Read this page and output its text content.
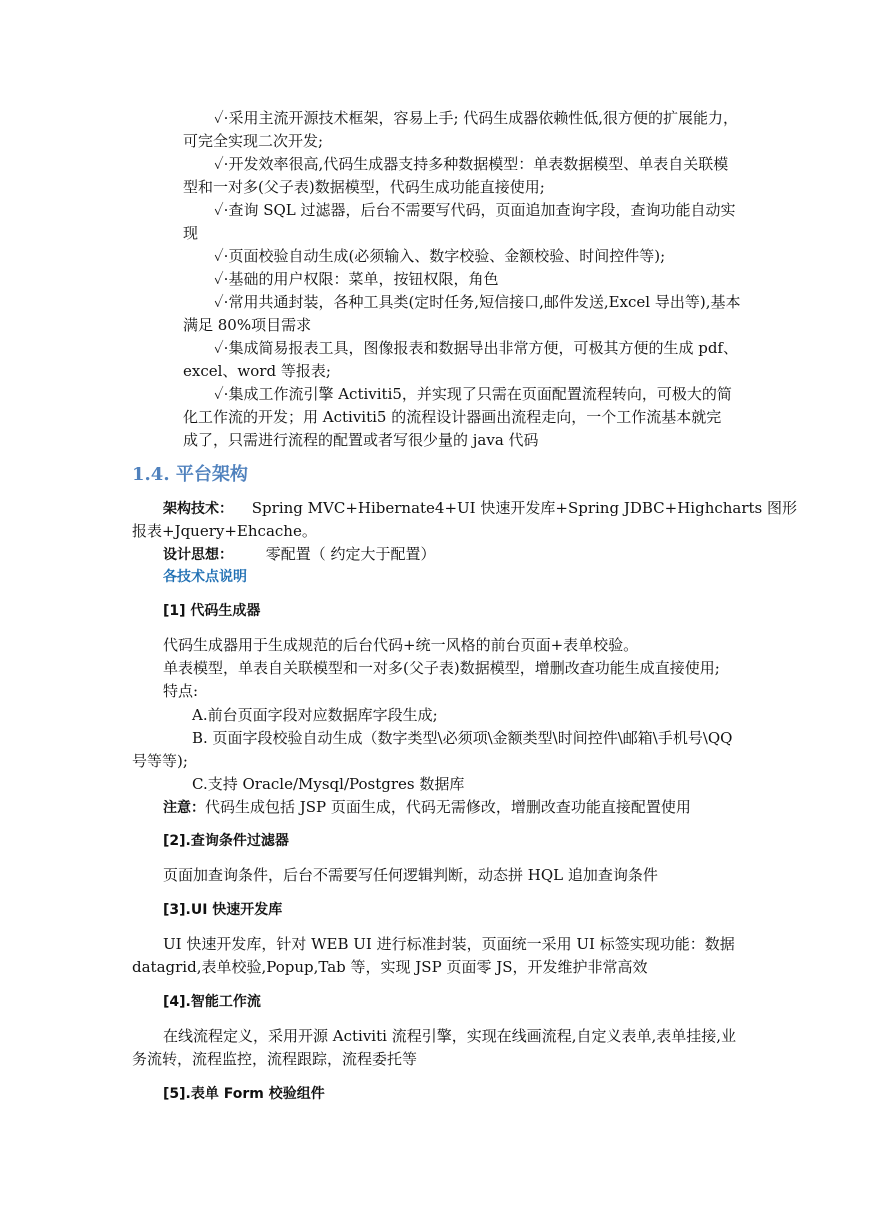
✓·采用主流开源技术框架，容易上手; 代码生成器依赖性低,很方便的扩展能力，
可完全实现二次开发;
✓·开发效率很高,代码生成器支持多种数据模型：单表数据模型、单表自关联模
型和一对多(父子表)数据模型，代码生成功能直接使用;
✓·查询 SQL 过滤器，后台不需要写代码，页面追加查询字段，查询功能自动实
现
✓·页面校验自动生成(必须输入、数字校验、金额校验、时间控件等);
✓·基础的用户权限：菜单，按钮权限，角色
✓·常用共通封装，各种工具类(定时任务,短信接口,邮件发送,Excel 导出等),基本
满足 80%项目需求
✓·集成简易报表工具，图像报表和数据导出非常方便，可极其方便的生成 pdf、
excel、word 等报表;
✓·集成工作流引擎 Activiti5，并实现了只需在页面配置流程转向，可极大的简
化工作流的开发；用 Activiti5 的流程设计器画出流程走向，一个工作流基本就完
成了，只需进行流程的配置或者写很少量的 java 代码
1.4. 平台架构
架构技术： Spring MVC+Hibernate4+UI 快速开发库+Spring JDBC+Highcharts 图形
报表+Jquery+Ehcache。
设计思想： 零配置（ 约定大于配置）
各技术点说明
[1] 代码生成器
代码生成器用于生成规范的后台代码+统一风格的前台页面+表单校验。
单表模型，单表自关联模型和一对多(父子表)数据模型，增删改查功能生成直接使用;
特点:
A.前台页面字段对应数据库字段生成;
B. 页面字段校验自动生成（数字类型\必须项\金额类型\时间控件\邮箱\手机号\QQ
号等等);
C.支持 Oracle/Mysql/Postgres 数据库
注意：代码生成包括 JSP 页面生成，代码无需修改，增删改查功能直接配置使用
[2].查询条件过滤器
页面加查询条件，后台不需要写任何逻辑判断，动态拼 HQL 追加查询条件
[3].UI 快速开发库
UI 快速开发库，针对 WEB UI 进行标准封装，页面统一采用 UI 标签实现功能：数据
datagrid,表单校验,Popup,Tab 等，实现 JSP 页面零 JS，开发维护非常高效
[4].智能工作流
在线流程定义，采用开源 Activiti 流程引擎，实现在线画流程,自定义表单,表单挂接,业
务流转，流程监控，流程跟踪，流程委托等
[5].表单 Form 校验组件
